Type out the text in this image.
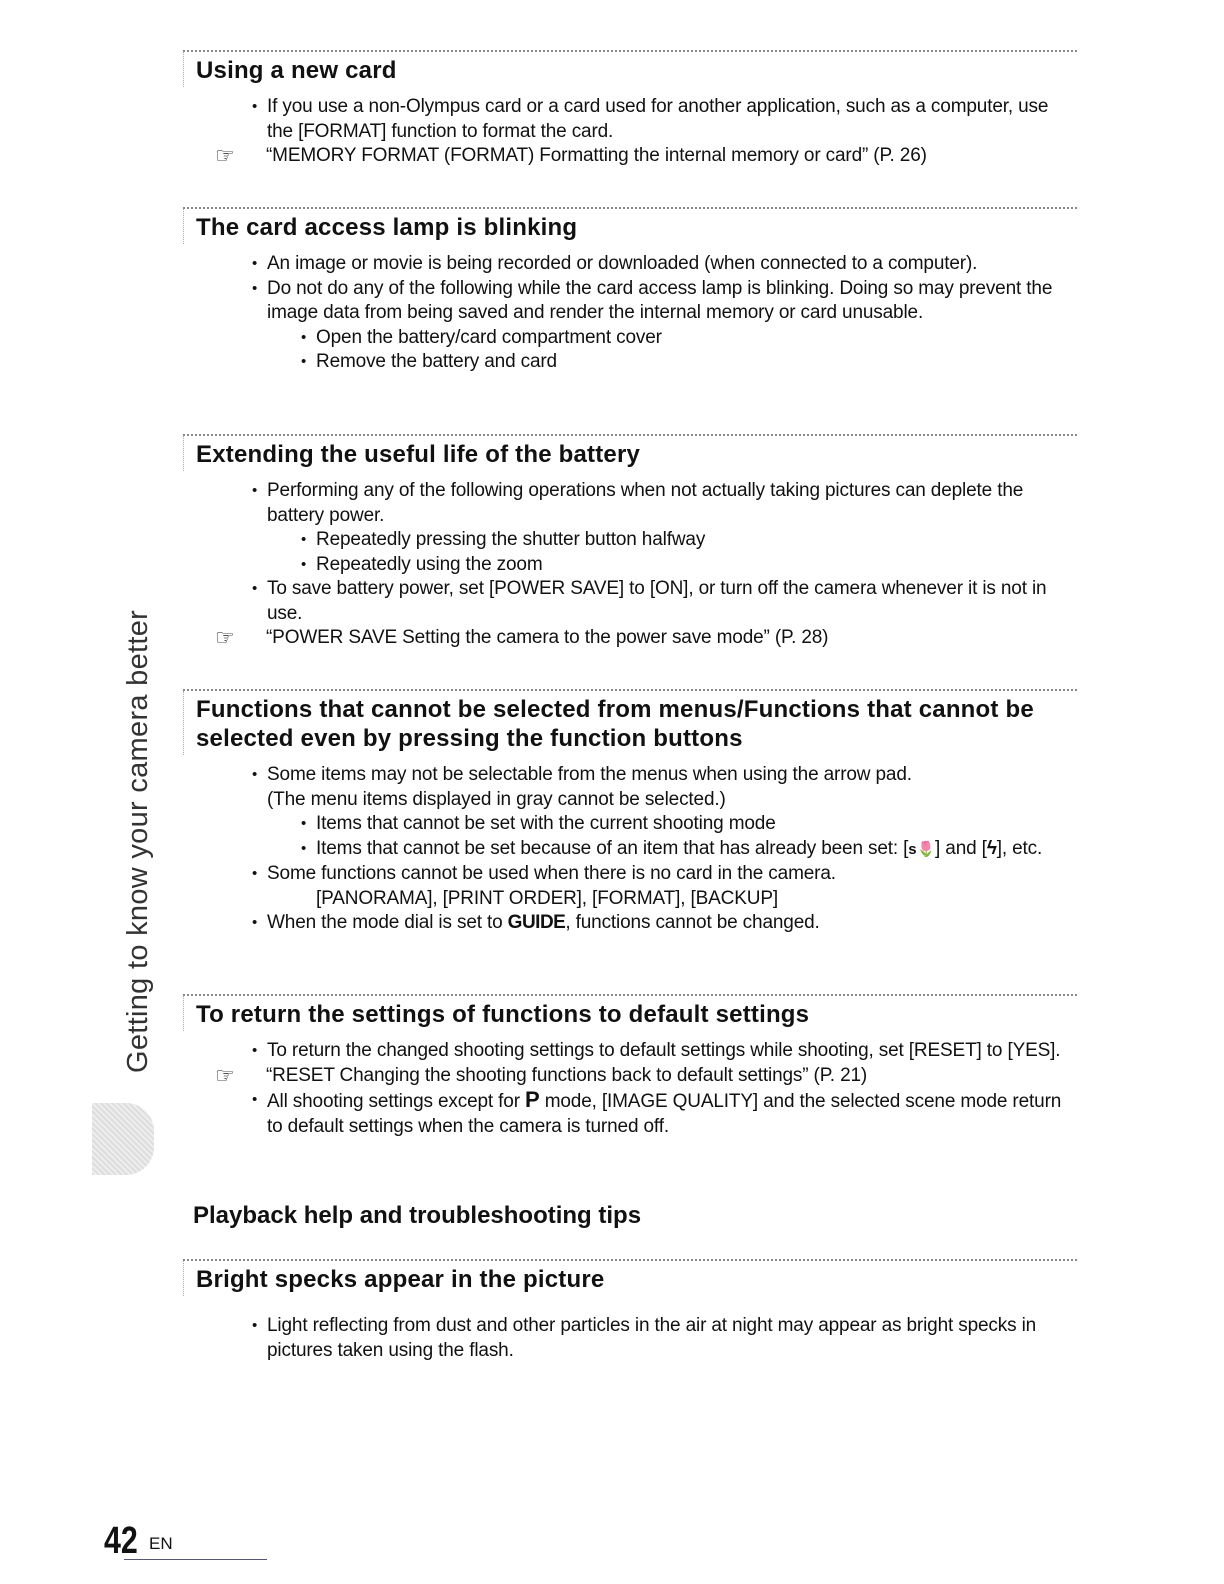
Getting to know your camera better
Using a new card
• If you use a non-Olympus card or a card used for another application, such as a computer, use the [FORMAT] function to format the card.
☞ “MEMORY FORMAT (FORMAT) Formatting the internal memory or card” (P. 26)
The card access lamp is blinking
• An image or movie is being recorded or downloaded (when connected to a computer).
• Do not do any of the following while the card access lamp is blinking. Doing so may prevent the image data from being saved and render the internal memory or card unusable.
• Open the battery/card compartment cover
• Remove the battery and card
Extending the useful life of the battery
• Performing any of the following operations when not actually taking pictures can deplete the battery power.
• Repeatedly pressing the shutter button halfway
• Repeatedly using the zoom
• To save battery power, set [POWER SAVE] to [ON], or turn off the camera whenever it is not in use.
☞ “POWER SAVE Setting the camera to the power save mode” (P. 28)
Functions that cannot be selected from menus/Functions that cannot be selected even by pressing the function buttons
• Some items may not be selectable from the menus when using the arrow pad.
(The menu items displayed in gray cannot be selected.)
• Items that cannot be set with the current shooting mode
• Items that cannot be set because of an item that has already been set: [s🌷] and [ϟ], etc.
• Some functions cannot be used when there is no card in the camera.
[PANORAMA], [PRINT ORDER], [FORMAT], [BACKUP]
• When the mode dial is set to GUIDE, functions cannot be changed.
To return the settings of functions to default settings
• To return the changed shooting settings to default settings while shooting, set [RESET] to [YES].
☞ “RESET Changing the shooting functions back to default settings” (P. 21)
• All shooting settings except for P mode, [IMAGE QUALITY] and the selected scene mode return to default settings when the camera is turned off.
Playback help and troubleshooting tips
Bright specks appear in the picture
• Light reflecting from dust and other particles in the air at night may appear as bright specks in pictures taken using the flash.
42 EN
